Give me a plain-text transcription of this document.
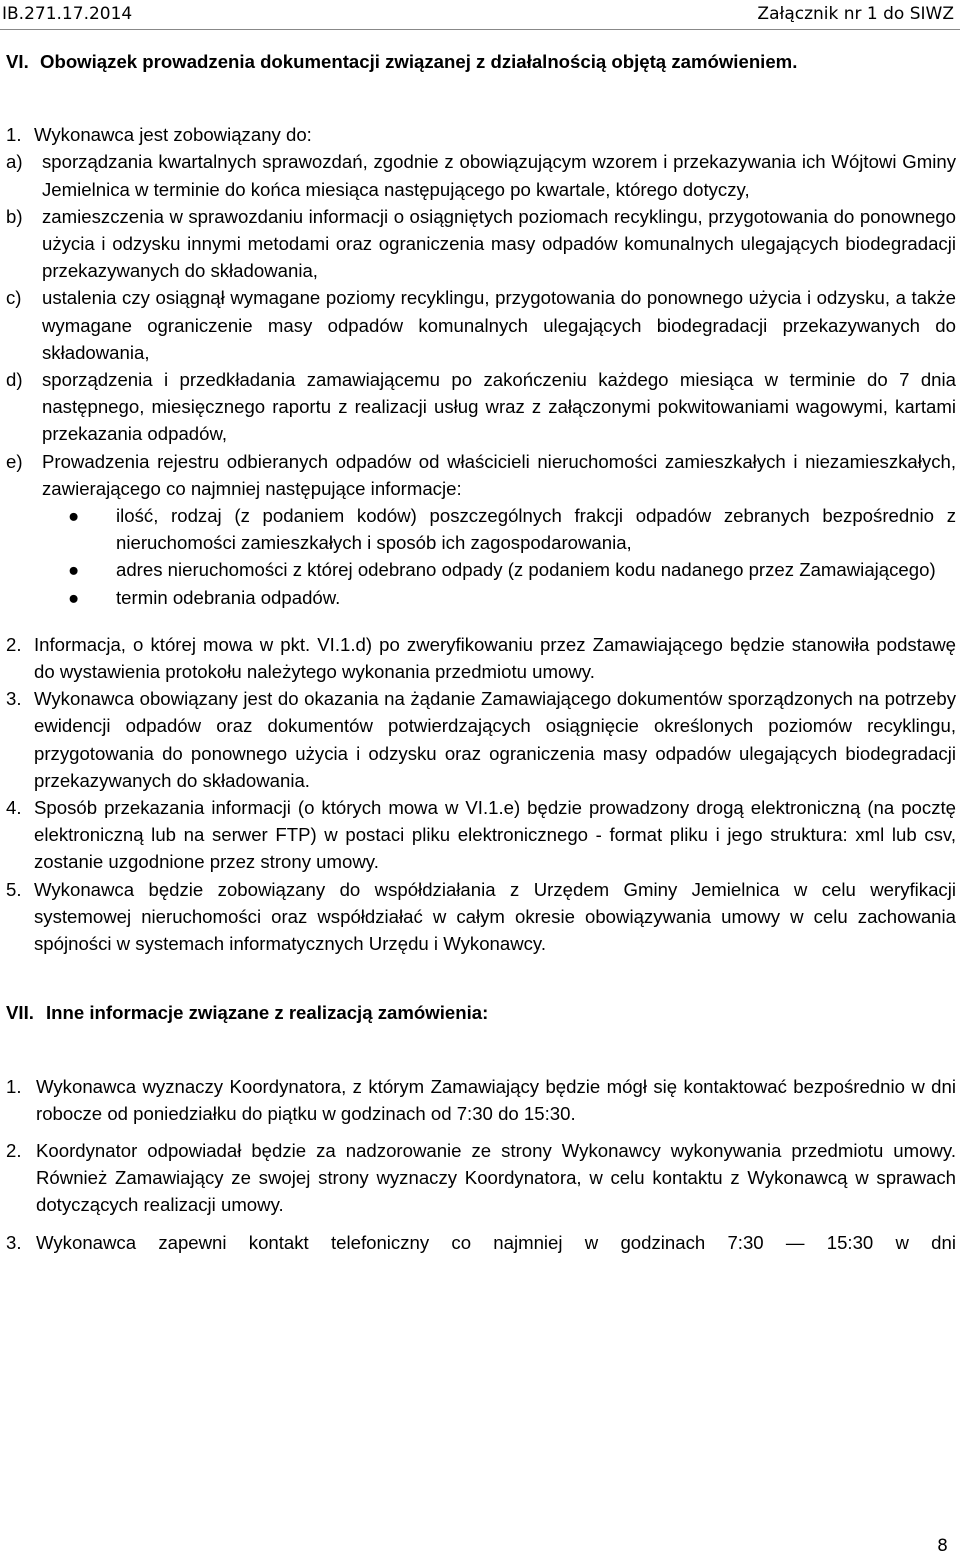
IB.271.17.2014	Załącznik nr 1 do SIWZ
VI. Obowiązek prowadzenia dokumentacji związanej z działalnością objętą zamówieniem.
1. Wykonawca jest zobowiązany do:
a)	sporządzania kwartalnych sprawozdań, zgodnie z obowiązującym wzorem i przekazywania ich Wójtowi Gminy Jemielnica w terminie do końca miesiąca następującego po kwartale, którego dotyczy,
b)	zamieszczenia w sprawozdaniu informacji o osiągniętych poziomach recyklingu, przygotowania do ponownego użycia i odzysku innymi metodami oraz ograniczenia masy odpadów komunalnych ulegających biodegradacji przekazywanych do składowania,
c)	ustalenia czy osiągnął wymagane poziomy recyklingu, przygotowania do ponownego użycia i odzysku, a także wymagane ograniczenie masy odpadów komunalnych ulegających biodegradacji przekazywanych do składowania,
d)	sporządzenia i przedkładania zamawiającemu po zakończeniu każdego miesiąca w terminie do 7 dnia następnego, miesięcznego raportu z realizacji usług wraz z załączonymi pokwitowaniami wagowymi, kartami przekazania odpadów,
e)	Prowadzenia rejestru odbieranych odpadów od właścicieli nieruchomości zamieszkałych i niezamieszkałych, zawierającego co najmniej następujące informacje:
●	ilość, rodzaj (z podaniem kodów) poszczególnych frakcji odpadów zebranych bezpośrednio z nieruchomości zamieszkałych i sposób ich zagospodarowania,
●	adres nieruchomości z której odebrano odpady (z podaniem kodu nadanego przez Zamawiającego)
●	termin odebrania odpadów.
2. Informacja, o której mowa w pkt. VI.1.d) po zweryfikowaniu przez Zamawiającego będzie stanowiła podstawę do wystawienia protokołu należytego wykonania przedmiotu umowy.
3. Wykonawca obowiązany jest do okazania na żądanie Zamawiającego dokumentów sporządzonych na potrzeby ewidencji odpadów oraz dokumentów potwierdzających osiągnięcie określonych poziomów recyklingu, przygotowania do ponownego użycia i odzysku oraz ograniczenia masy odpadów ulegających biodegradacji przekazywanych do składowania.
4. Sposób przekazania informacji (o których mowa w VI.1.e) będzie prowadzony drogą elektroniczną (na pocztę elektroniczną lub na serwer FTP) w postaci pliku elektronicznego - format pliku i jego struktura: xml lub csv, zostanie uzgodnione przez strony umowy.
5. Wykonawca będzie zobowiązany do współdziałania z Urzędem Gminy Jemielnica w celu weryfikacji systemowej nieruchomości oraz współdziałać w całym okresie obowiązywania umowy w celu zachowania spójności w systemach informatycznych Urzędu i Wykonawcy.
VII. Inne informacje związane z realizacją zamówienia:
1. Wykonawca wyznaczy Koordynatora, z którym Zamawiający będzie mógł się kontaktować bezpośrednio w dni robocze od poniedziałku do piątku w godzinach od 7:30 do 15:30.
2. Koordynator odpowiadał będzie za nadzorowanie ze strony Wykonawcy wykonywania przedmiotu umowy. Również Zamawiający ze swojej strony wyznaczy Koordynatora, w celu kontaktu z Wykonawcą w sprawach dotyczących realizacji umowy.
3. Wykonawca zapewni kontakt telefoniczny co najmniej w godzinach 7:30 — 15:30 w dni
8
